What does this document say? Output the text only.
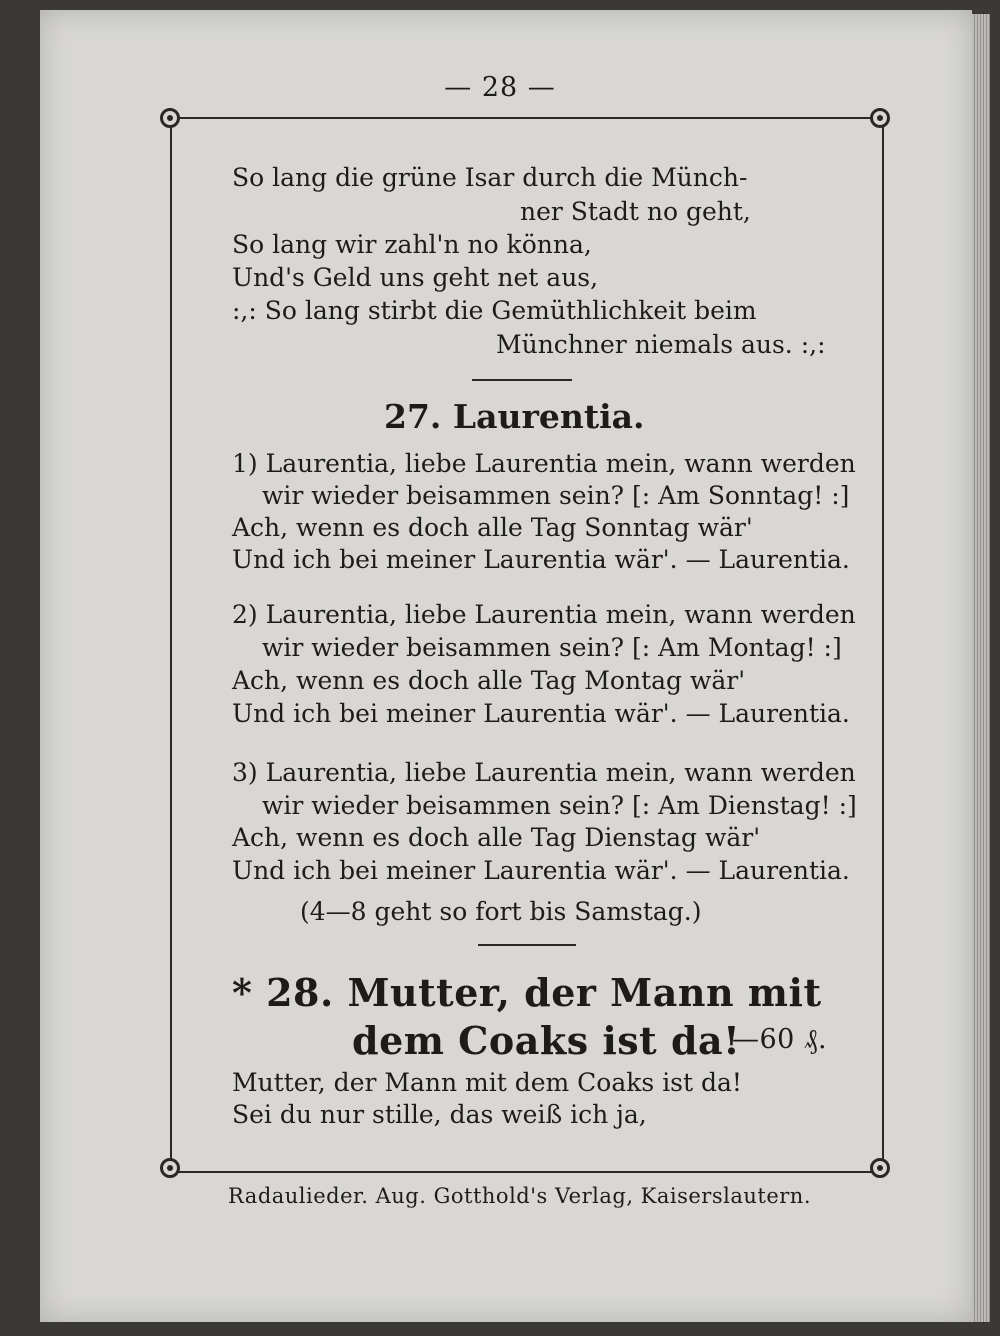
— 28 —
So lang die grüne Isar durch die Münch-
ner Stadt no geht,
So lang wir zahl'n no könna,
Und's Geld uns geht net aus,
:,: So lang stirbt die Gemüthlichkeit beim
Münchner niemals aus. :,:
27. Laurentia.
1) Laurentia, liebe Laurentia mein, wann werden
wir wieder beisammen sein? [: Am Sonntag! :]
Ach, wenn es doch alle Tag Sonntag wär'
Und ich bei meiner Laurentia wär'. — Laurentia.
2) Laurentia, liebe Laurentia mein, wann werden
wir wieder beisammen sein? [: Am Montag! :]
Ach, wenn es doch alle Tag Montag wär'
Und ich bei meiner Laurentia wär'. — Laurentia.
3) Laurentia, liebe Laurentia mein, wann werden
wir wieder beisammen sein? [: Am Dienstag! :]
Ach, wenn es doch alle Tag Dienstag wär'
Und ich bei meiner Laurentia wär'. — Laurentia.
(4—8 geht so fort bis Samstag.)
* 28. Mutter, der Mann mit
dem Coaks ist da!
—60 ₰.
Mutter, der Mann mit dem Coaks ist da!
Sei du nur stille, das weiß ich ja,
Radaulieder. Aug. Gotthold's Verlag, Kaiserslautern.
